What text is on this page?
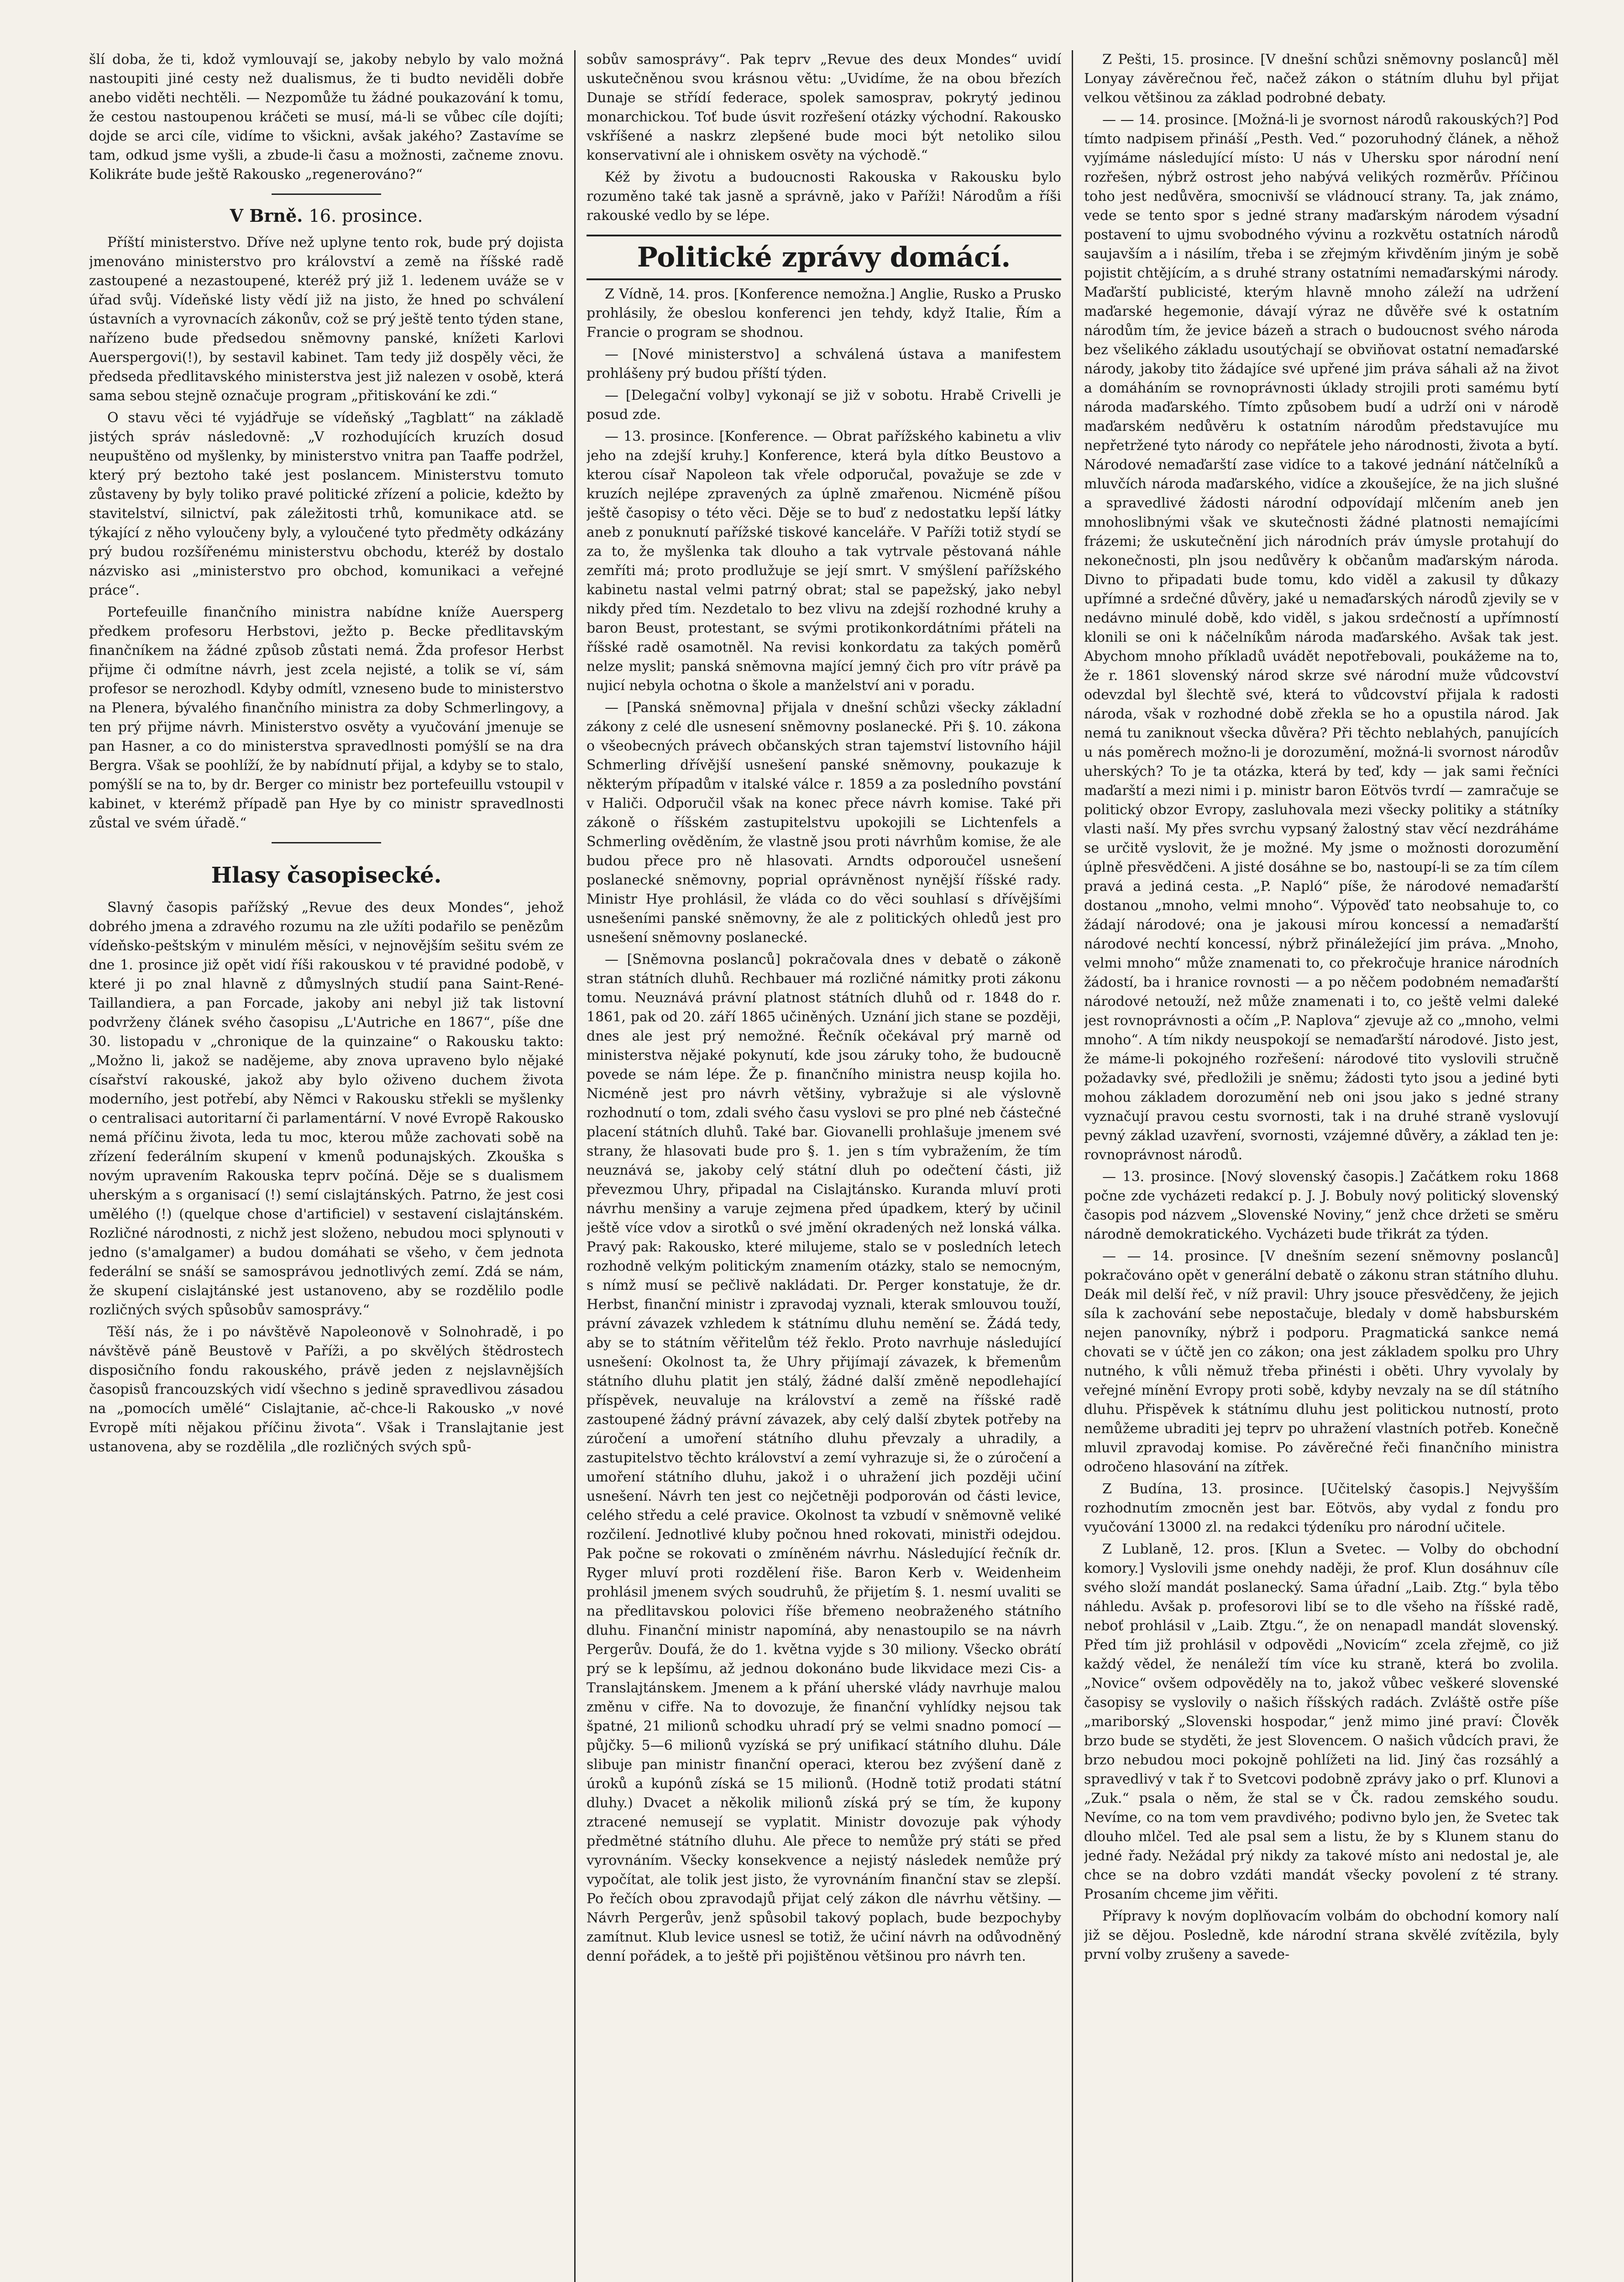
šlí doba, že ti, kdož vymlouvají se, jakoby nebylo by valo možná nastoupiti jiné cesty než dualismus, že ti budto neviděli dobře anebo viděti nechtěli. — Nezpomůže tu žádné poukazování k tomu, že cestou nastoupenou kráčeti se musí, má-li se vůbec cíle dojíti; dojde se arci cíle, vidíme to všickni, avšak jakého? Zastavíme se tam, odkud jsme vyšli, a zbude-li času a možnosti, začneme znovu. Kolikráte bude ještě Rakousko „regenerováno?“

V Brně. 16. prosince.

Příští ministerstvo. Dříve než uplyne tento rok, bude prý dojista jmenováno ministerstvo pro království a země na říšské radě zastoupené a nezastoupené, kteréž prý již 1. ledenem uváže se v úřad svůj. Vídeňské listy vědí již na jisto, že hned po schválení ústavních a vyrovnacích zákonův, což se prý ještě tento týden stane, nařízeno bude předsedou sněmovny panské, knížeti Karlovi Auerspergovi(!), by sestavil kabinet. Tam tedy již dospěly věci, že předseda předlitavského ministerstva jest již nalezen v osobě, která sama sebou stejně označuje program „přitiskování ke zdi.“

O stavu věci té vyjádřuje se vídeňský „Tagblatt“ na základě jistých správ následovně: „V rozhodujících kruzích dosud neupuštěno od myšlenky, by ministerstvo vnitra pan Taaffe podržel, který prý beztoho také jest poslancem. Ministerstvu tomuto zůstaveny by byly toliko pravé politické zřízení a policie, kdežto by stavitelství, silnictví, pak záležitosti trhů, komunikace atd. se týkající z něho vyloučeny byly, a vyloučené tyto předměty odkázány prý budou rozšířenému ministerstvu obchodu, kteréž by dostalo názvisko asi „ministerstvo pro obchod, komunikaci a veřejné práce“.

Portefeuille finančního ministra nabídne kníže Auersperg předkem profesoru Herbstovi, ježto p. Becke předlitavským finančníkem na žádné způsob zůstati nemá. Žda profesor Herbst přijme či odmítne návrh, jest zcela nejisté, a tolik se ví, sám profesor se nerozhodl. Kdyby odmítl, vzneseno bude to ministerstvo na Plenera, bývalého finančního ministra za doby Schmerlingovy, a ten prý přijme návrh. Ministerstvo osvěty a vyučování jmenuje se pan Hasner, a co do ministerstva spravedlnosti pomýšlí se na dra Bergra. Však se poohlíží, že by nabídnutí přijal, a kdyby se to stalo, pomýšlí se na to, by dr. Berger co ministr bez portefeuillu vstoupil v kabinet, v kterémž případě pan Hye by co ministr spravedlnosti zůstal ve svém úřadě.“

Hlasy časopisecké.

Slavný časopis pařížský „Revue des deux Mondes“, jehož dobrého jmena a zdravého rozumu na zle užíti podařilo se penězům vídeňsko-peštským v minulém měsíci, v nejnovějším sešitu svém ze dne 1. prosince již opět vidí říši rakouskou v té pravidné podobě, v které ji po znal hlavně z důmyslných studií pana Saint-René-Taillandiera, a pan Forcade, jakoby ani nebyl již tak listovní podvrženy článek svého časopisu „L'Autriche en 1867“, píše dne 30. listopadu v „chronique de la quinzaine“ o Rakousku takto: „Možno li, jakož se nadějeme, aby znova upraveno bylo nějaké císařství rakouské, jakož aby bylo oživeno duchem života moderního, jest potřebí, aby Němci v Rakousku střekli se myšlenky o centralisaci autoritarní či parlamentární. V nové Evropě Rakousko nemá příčinu života, leda tu moc, kterou může zachovati sobě na zřízení federálním skupení v kmenů podunajských. Zkouška s novým upravením Rakouska teprv počíná. Děje se s dualismem uherským a s organisací (!) semí cislajtánských. Patrno, že jest cosi umělého (!) (quelque chose d'artificiel) v sestavení cislajtánském. Rozličné národnosti, z nichž jest složeno, nebudou moci splynouti v jedno (s'amalgamer) a budou domáhati se všeho, v čem jednota federální se snáší se samosprávou jednotlivých zemí. Zdá se nám, že skupení cislajtánské jest ustanoveno, aby se rozdělilo podle rozličných svých spůsobův samosprávy.“

Těší nás, že i po návštěvě Napoleonově v Solnohradě, i po návštěvě páně Beustově v Paříži, a po skvělých štědrostech disposičního fondu rakouského, právě jeden z nejslavnějších časopisů francouzských vidí všechno s jedině spravedlivou zásadou na „pomocích umělé“ Cislajtanie, ač-chce-li Rakousko „v nové Evropě míti nějakou příčinu života“. Však i Translajtanie jest ustanovena, aby se rozdělila „dle rozličných svých spů-

sobův samosprávy“. Pak teprv „Revue des deux Mondes“ uvidí uskutečněnou svou krásnou větu: „Uvidíme, že na obou březích Dunaje se střídí federace, spolek samosprav, pokrytý jedinou monarchickou. Toť bude úsvit rozřešení otázky východní. Rakousko vskříšené a naskrz zlepšené bude moci být netoliko silou konservativní ale i ohniskem osvěty na východě.“

Kéž by životu a budoucnosti Rakouska v Rakousku bylo rozuměno také tak jasně a správně, jako v Paříži! Národům a říši rakouské vedlo by se lépe.

Politické zprávy domácí.

Z Vídně, 14. pros. [Konference nemožna.] Anglie, Rusko a Prusko prohlásily, že obeslou konferenci jen tehdy, když Italie, Řím a Francie o program se shodnou.

— [Nové ministerstvo] a schválená ústava a manifestem prohlášeny prý budou příští týden.

— [Delegační volby] vykonají se již v sobotu. Hrabě Crivelli je posud zde.

— 13. prosince. [Konference. — Obrat pařížského kabinetu a vliv jeho na zdejší kruhy.] Konference, která byla dítko Beustovo a kterou císař Napoleon tak vřele odporučal, považuje se zde v kruzích nejlépe zpravených za úplně zmařenou. Nicméně píšou ještě časopisy o této věci. Děje se to buď z nedostatku lepší látky aneb z ponuknutí pařížské tiskové kanceláře. V Paříži totiž stydí se za to, že myšlenka tak dlouho a tak vytrvale pěstovaná náhle zemříti má; proto prodlužuje se její smrt. V smýšlení pařížského kabinetu nastal velmi patrný obrat; stal se papežský, jako nebyl nikdy před tím. Nezdetalo to bez vlivu na zdejší rozhodné kruhy a baron Beust, protestant, se svými protikonkordátními přáteli na říšské radě osamotněl. Na revisi konkordatu za takých poměrů nelze myslit; panská sněmovna mající jemný čich pro vítr právě pa nujicí nebyla ochotna o škole a manželství ani v poradu.

— [Panská sněmovna] přijala v dnešní schůzi všecky základní zákony z celé dle usnesení sněmovny poslanecké. Při §. 10. zákona o všeobecných právech občanských stran tajemství listovního hájil Schmerling dřívější usnešení panské sněmovny, poukazuje k některým případům v italské válce r. 1859 a za posledního povstání v Haliči. Odporučil však na konec přece návrh komise. Také při zákoně o říšském zastupitelstvu upokojili se Lichtenfels a Schmerling ověděním, že vlastně jsou proti návrhům komise, že ale budou přece pro ně hlasovati. Arndts odporoučel usnešení poslanecké sněmovny, poprial oprávněnost nynější říšské rady. Ministr Hye prohlásil, že vláda co do věci souhlasí s dřívějšími usnešeními panské sněmovny, že ale z politických ohledů jest pro usnešení sněmovny poslanecké.

— [Sněmovna poslanců] pokračovala dnes v debatě o zákoně stran státních dluhů. Rechbauer má rozličné námitky proti zákonu tomu. Neuznává právní platnost státních dluhů od r. 1848 do r. 1861, pak od 20. září 1865 učiněných. Uznání jich stane se později, dnes ale jest prý nemožné. Řečník očekával prý marně od ministerstva nějaké pokynutí, kde jsou záruky toho, že budoucně povede se nám lépe. Že p. finančního ministra neusp kojila ho. Nicméně jest pro návrh většiny, vybražuje si ale výslovně rozhodnutí o tom, zdali svého času vyslovi se pro plné neb částečné placení státních dluhů. Také bar. Giovanelli prohlašuje jmenem své strany, že hlasovati bude pro §. 1. jen s tím vybražením, že tím neuznává se, jakoby celý státní dluh po odečtení části, již převezmou Uhry, připadal na Cislajtánsko. Kuranda mluví proti návrhu menšiny a varuje zejmena před úpadkem, který by učinil ještě více vdov a sirotků o své jmění okradených než lonská válka. Pravý pak: Rakousko, které milujeme, stalo se v posledních letech rozhodně velkým politickým znamením otázky, stalo se nemocným, s nímž musí se pečlivě nakládati. Dr. Perger konstatuje, že dr. Herbst, finanční ministr i zpravodaj vyznali, kterak smlouvou touží, právní závazek vzhledem k státnímu dluhu nemění se. Žádá tedy, aby se to státním věřitelům též řeklo. Proto navrhuje následující usnešení: Okolnost ta, že Uhry přijímají závazek, k břemenům státního dluhu platit jen stálý, žádné další změně nepodlehající příspěvek, neuvaluje na království a země na říšské radě zastoupené žádný právní závazek, aby celý další zbytek potřeby na zúročení a umoření státního dluhu převzaly a uhradily, a zastupitelstvo těchto království a zemí vyhrazuje si, že o zúročení a umoření státního dluhu, jakož i o uhražení jich později učiní usnešení. Návrh ten jest co nejčetněji podporován od části levice, celého středu a celé pravice. Okolnost ta vzbudí v sněmovně veliké rozčilení. Jednotlivé kluby počnou hned rokovati, ministři odejdou. Pak počne se rokovati o zmíněném návrhu. Následující řečník dr. Ryger mluví proti rozdělení řiše. Baron Kerb v. Weidenheim prohlásil jmenem svých soudruhů, že přijetím §. 1. nesmí uvaliti se na předlitavskou polovici říše břemeno neobraženého státního dluhu. Finanční ministr napomíná, aby nenastoupilo se na návrh Pergerův. Doufá, že do 1. května vyjde s 30 miliony. Všecko obrátí prý se k lepšímu, až jednou dokonáno bude likvidace mezi Cis- a Translajtánskem. Jmenem a k přání uherské vlády navrhuje malou změnu v cifře. Na to dovozuje, že finanční vyhlídky nejsou tak špatné, 21 milionů schodku uhradí prý se velmi snadno pomocí — půjčky. 5—6 milionů vyzíská se prý unifikací státního dluhu. Dále slibuje pan ministr finanční operaci, kterou bez zvýšení daně z úroků a kupónů získá se 15 milionů. (Hodně totiž prodati státní dluhy.) Dvacet a několik milionů získá prý se tím, že kupony ztracené nemusejí se vyplatit. Ministr dovozuje pak výhody předmětné státního dluhu. Ale přece to nemůže prý státi se před vyrovnáním. Všecky konsekvence a nejistý následek nemůže prý vypočítat, ale tolik jest jisto, že vyrovnáním finanční stav se zlepší. Po řečích obou zpravodajů přijat celý zákon dle návrhu většiny. — Návrh Pergerův, jenž spůsobil takový poplach, bude bezpochyby zamítnut. Klub levice usnesl se totiž, že učiní návrh na odůvodněný denní pořádek, a to ještě při pojištěnou většinou pro návrh ten.

Z Pešti, 15. prosince. [V dnešní schůzi sněmovny poslanců] měl Lonyay závěrečnou řeč, načež zákon o státním dluhu byl přijat velkou většinou za základ podrobné debaty.

— — 14. prosince. [Možná-li je svornost národů rakouských?] Pod tímto nadpisem přináší „Pesth. Ved.“ pozoruhodný článek, a něhož vyjímáme následující místo: U nás v Uhersku spor národní není rozřešen, nýbrž ostrost jeho nabývá velikých rozměrův. Příčinou toho jest nedůvěra, smocnivší se vládnoucí strany. Ta, jak známo, vede se tento spor s jedné strany maďarským národem výsadní postavení to ujmu svobodného vývinu a rozkvětu ostatních národů saujavším a i násilím, třeba i se zřejmým křivděním jiným je sobě pojistit chtějícím, a s druhé strany ostatními nemaďarskými národy. Maďarští publicisté, kterým hlavně mnoho záleží na udržení maďarské hegemonie, dávají výraz ne důvěře své k ostatním národům tím, že jevice bázeň a strach o budoucnost svého národa bez všelikého základu usoutýchají se obviňovat ostatní nemaďarské národy, jakoby tito žádajíce své upřené jim práva sáhali až na život a domáháním se rovnoprávnosti úklady strojili proti samému bytí národa maďarského. Tímto způsobem budí a udrží oni v národě maďarském nedůvěru k ostatním národům představujíce mu nepřetržené tyto národy co nepřátele jeho národnosti, života a bytí. Národové nemaďarští zase vidíce to a takové jednání nátčelníků a mluvčích národa maďarského, vidíce a zkoušejíce, že na jich slušné a spravedlivé žádosti národní odpovídají mlčením aneb jen mnohoslibnými však ve skutečnosti žádné platnosti nemajícími frázemi; že uskutečnění jich národních práv úmysle protahují do nekonečnosti, pln jsou nedůvěry k občanům maďarským národa. Divno to připadati bude tomu, kdo viděl a zakusil ty důkazy upřímné a srdečné důvěry, jaké u nemaďarských národů zjevily se v nedávno minulé době, kdo viděl, s jakou srdečností a upřímností klonili se oni k náčelníkům národa maďarského. Avšak tak jest. Abychom mnoho příkladů uvádět nepotřebovali, poukážeme na to, že r. 1861 slovenský národ skrze své národní muže vůdcovství odevzdal byl šlechtě své, která to vůdcovství přijala k radosti národa, však v rozhodné době zřekla se ho a opustila národ. Jak nemá tu zaniknout všecka důvěra? Při těchto neblahých, panujících u nás poměrech možno-li je dorozumění, možná-li svornost národův uherských? To je ta otázka, která by teď, kdy — jak sami řečníci maďarští a mezi nimi i p. ministr baron Eötvös tvrdí — zamračuje se politický obzor Evropy, zasluhovala mezi všecky politiky a státníky vlasti naší. My přes svrchu vypsaný žalostný stav věcí nezdráháme se určitě vyslovit, že je možné. My jsme o možnosti dorozumění úplně přesvědčeni. A jisté dosáhne se bo, nastoupí-li se za tím cílem pravá a jediná cesta. „P. Napló“ píše, že národové nemaďarští dostanou „mnoho, velmi mnoho“. Výpověď tato neobsahuje to, co žádají národové; ona je jakousi mírou koncessí a nemaďarští národové nechtí koncessí, nýbrž přináležející jim práva. „Mnoho, velmi mnoho“ může znamenati to, co překročuje hranice národních žádostí, ba i hranice rovnosti — a po něčem podobném nemaďarští národové netouží, než může znamenati i to, co ještě velmi daleké jest rovnoprávnosti a očím „P. Naplova“ zjevuje až co „mnoho, velmi mnoho“. A tím nikdy neuspokojí se nemaďarští národové. Jisto jest, že máme-li pokojného rozřešení: národové tito vyslovili stručně požadavky své, předložili je sněmu; žádosti tyto jsou a jediné byti mohou základem dorozumění neb oni jsou jako s jedné strany vyznačují pravou cestu svornosti, tak i na druhé straně vyslovují pevný základ uzavření, svornosti, vzájemné důvěry, a základ ten je: rovnoprávnost národů.

— 13. prosince. [Nový slovenský časopis.] Začátkem roku 1868 počne zde vycházeti redakcí p. J. J. Bobuly nový politický slovenský časopis pod názvem „Slovenské Noviny,“ jenž chce držeti se směru národně demokratického. Vycházeti bude třikrát za týden.

— — 14. prosince. [V dnešním sezení sněmovny poslanců] pokračováno opět v generální debatě o zákonu stran státního dluhu. Deák mil delší řeč, v níž pravil: Uhry jsouce přesvědčeny, že jejich síla k zachování sebe nepostačuje, bledaly v domě habsburském nejen panovníky, nýbrž i podporu. Pragmatická sankce nemá chovati se v účtě jen co zákon; ona jest základem spolku pro Uhry nutného, k vůli němuž třeba přinésti i oběti. Uhry vyvolaly by veřejné mínění Evropy proti sobě, kdyby nevzaly na se díl státního dluhu. Přispěvek k státnímu dluhu jest politickou nutností, proto nemůžeme ubraditi jej teprv po uhražení vlastních potřeb. Konečně mluvil zpravodaj komise. Po závěrečné řeči finančního ministra odročeno hlasování na zítřek.

Z Budína, 13. prosince. [Učitelský časopis.] Nejvyšším rozhodnutím zmocněn jest bar. Eötvös, aby vydal z fondu pro vyučování 13000 zl. na redakci týdeníku pro národní učitele.

Z Lublaně, 12. pros. [Klun a Svetec. — Volby do obchodní komory.] Vyslovili jsme onehdy naději, že prof. Klun dosáhnuv cíle svého složí mandát poslanecký. Sama úřadní „Laib. Ztg.“ byla těbo náhledu. Avšak p. profesorovi libí se to dle všeho na říšské radě, neboť prohlásil v „Laib. Ztgu.“, že on nenapadl mandát slovenský. Před tím již prohlásil v odpovědi „Novicím“ zcela zřejmě, co již každý vědel, že nenáleží tím více ku straně, která bo zvolila. „Novice“ ovšem odpověděly na to, jakož vůbec veškeré slovenské časopisy se vyslovily o našich říšských radách. Zvláště ostře píše „mariborský „Slovenski hospodar,“ jenž mimo jiné praví: Člověk brzo bude se styděti, že jest Slovencem. O našich vůdcích pravi, že brzo nebudou moci pokojně pohlížeti na lid. Jiný čas rozsáhlý a spravedlivý v tak ř to Svetcovi podobně zprávy jako o prf. Klunovi a „Zuk.“ psala o něm, že stal se v Čk. radou zemského soudu. Nevíme, co na tom vem pravdivého; podivno bylo jen, že Svetec tak dlouho mlčel. Ted ale psal sem a listu, že by s Klunem stanu do jedné řady. Nežádal prý nikdy za takové místo ani nedostal je, ale chce se na dobro vzdáti mandát všecky povolení z té strany. Prosaním chceme jim věřiti.

Přípravy k novým doplňovacím volbám do obchodní komory nalí již se dějou. Posledně, kde národní strana skvělé zvítězila, byly první volby zrušeny a savede-
